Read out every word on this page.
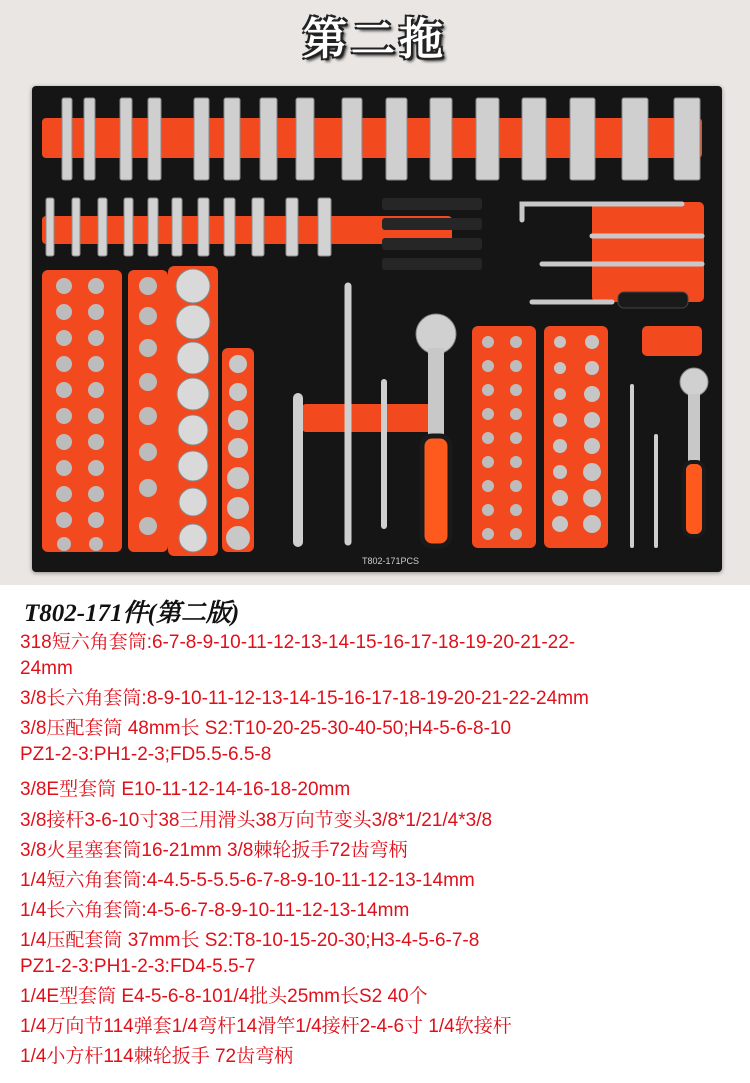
第二拖
T802-171PCS
T802-171件(第二版)
318短六角套筒:6-7-8-9-10-11-12-13-14-15-16-17-18-19-20-21-22-
24mm
3/8长六角套筒:8-9-10-11-12-13-14-15-16-17-18-19-20-21-22-24mm
3/8压配套筒 48mm长 S2:T10-20-25-30-40-50;H4-5-6-8-10
PZ1-2-3:PH1-2-3;FD5.5-6.5-8
3/8E型套筒 E10-11-12-14-16-18-20mm
3/8接杆3-6-10寸38三用滑头38万向节变头3/8*1/21/4*3/8
3/8火星塞套筒16-21mm 3/8棘轮扳手72齿弯柄
1/4短六角套筒:4-4.5-5-5.5-6-7-8-9-10-11-12-13-14mm
1/4长六角套筒:4-5-6-7-8-9-10-11-12-13-14mm
1/4压配套筒 37mm长 S2:T8-10-15-20-30;H3-4-5-6-7-8
PZ1-2-3:PH1-2-3:FD4-5.5-7
1/4E型套筒 E4-5-6-8-101/4批头25mm长S2 40个
1/4万向节114弹套1/4弯杆14滑竿1/4接杆2-4-6寸 1/4软接杆
1/4小方杆114棘轮扳手 72齿弯柄
